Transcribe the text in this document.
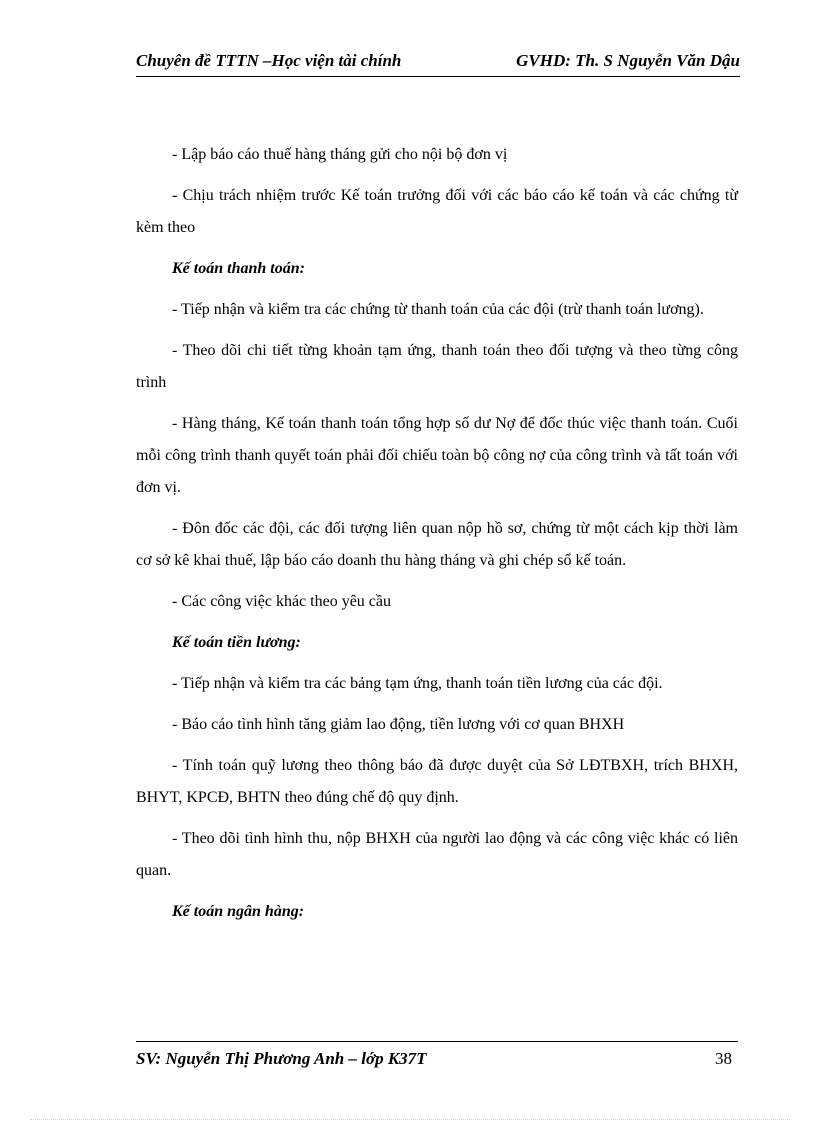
Chuyên đề TTTN –Học viện tài chính	GVHD: Th. S Nguyễn Văn Dậu

- Lập báo cáo thuế hàng tháng gửi cho nội bộ đơn vị

- Chịu trách nhiệm trước Kế toán trưởng đối với các báo cáo kế toán và các chứng từ kèm theo

Kế toán thanh toán:

- Tiếp nhận và kiểm tra các chứng từ thanh toán của các đội (trừ thanh toán lương).

- Theo dõi chi tiết từng khoản tạm ứng, thanh toán theo đối tượng và theo từng công trình

- Hàng tháng, Kế toán thanh toán tổng hợp số dư Nợ để đốc thúc việc thanh toán. Cuối mỗi công trình thanh quyết toán phải đối chiếu toàn bộ công nợ của công trình và tất toán với đơn vị.

- Đôn đốc các đội, các đối tượng liên quan nộp hồ sơ, chứng từ một cách kịp thời làm cơ sở kê khai thuế, lập báo cáo doanh thu hàng tháng và ghi chép sổ kế toán.

- Các công việc khác theo yêu cầu

Kế toán tiền lương:

- Tiếp nhận và kiểm tra các bảng tạm ứng, thanh toán tiền lương của các đội.

- Báo cáo tình hình tăng giảm lao động, tiền lương với cơ quan BHXH

- Tính toán quỹ lương theo thông báo đã được duyệt của Sở LĐTBXH, trích BHXH, BHYT, KPCĐ, BHTN theo đúng chế độ quy định.

- Theo dõi tình hình thu, nộp BHXH của người lao động và các công việc khác có liên quan.

Kế toán ngân hàng:

SV: Nguyễn Thị Phương Anh – lớp K37T	38
